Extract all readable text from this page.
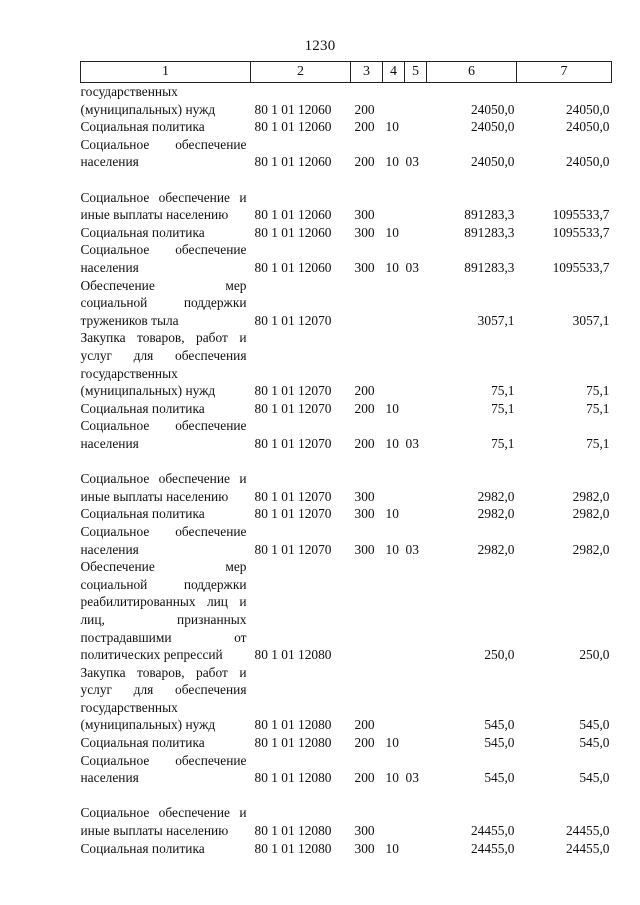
1230
1	2	3	4	5	6	7
государственных (муниципальных) нужд	80 1 01 12060	200			24050,0	24050,0
Социальная политика	80 1 01 12060	200	10		24050,0	24050,0
Социальное обеспечение населения	80 1 01 12060	200	10	03	24050,0	24050,0
Социальное обеспечение и иные выплаты населению	80 1 01 12060	300			891283,3	1095533,7
Социальная политика	80 1 01 12060	300	10		891283,3	1095533,7
Социальное обеспечение населения	80 1 01 12060	300	10	03	891283,3	1095533,7
Обеспечение мер социальной поддержки тружеников тыла	80 1 01 12070				3057,1	3057,1
Закупка товаров, работ и услуг для обеспечения государственных (муниципальных) нужд	80 1 01 12070	200			75,1	75,1
Социальная политика	80 1 01 12070	200	10		75,1	75,1
Социальное обеспечение населения	80 1 01 12070	200	10	03	75,1	75,1
Социальное обеспечение и иные выплаты населению	80 1 01 12070	300			2982,0	2982,0
Социальная политика	80 1 01 12070	300	10		2982,0	2982,0
Социальное обеспечение населения	80 1 01 12070	300	10	03	2982,0	2982,0
Обеспечение мер социальной поддержки реабилитированных лиц и лиц, признанных пострадавшими от политических репрессий	80 1 01 12080				250,0	250,0
Закупка товаров, работ и услуг для обеспечения государственных (муниципальных) нужд	80 1 01 12080	200			545,0	545,0
Социальная политика	80 1 01 12080	200	10		545,0	545,0
Социальное обеспечение населения	80 1 01 12080	200	10	03	545,0	545,0
Социальное обеспечение и иные выплаты населению	80 1 01 12080	300			24455,0	24455,0
Социальная политика	80 1 01 12080	300	10		24455,0	24455,0
